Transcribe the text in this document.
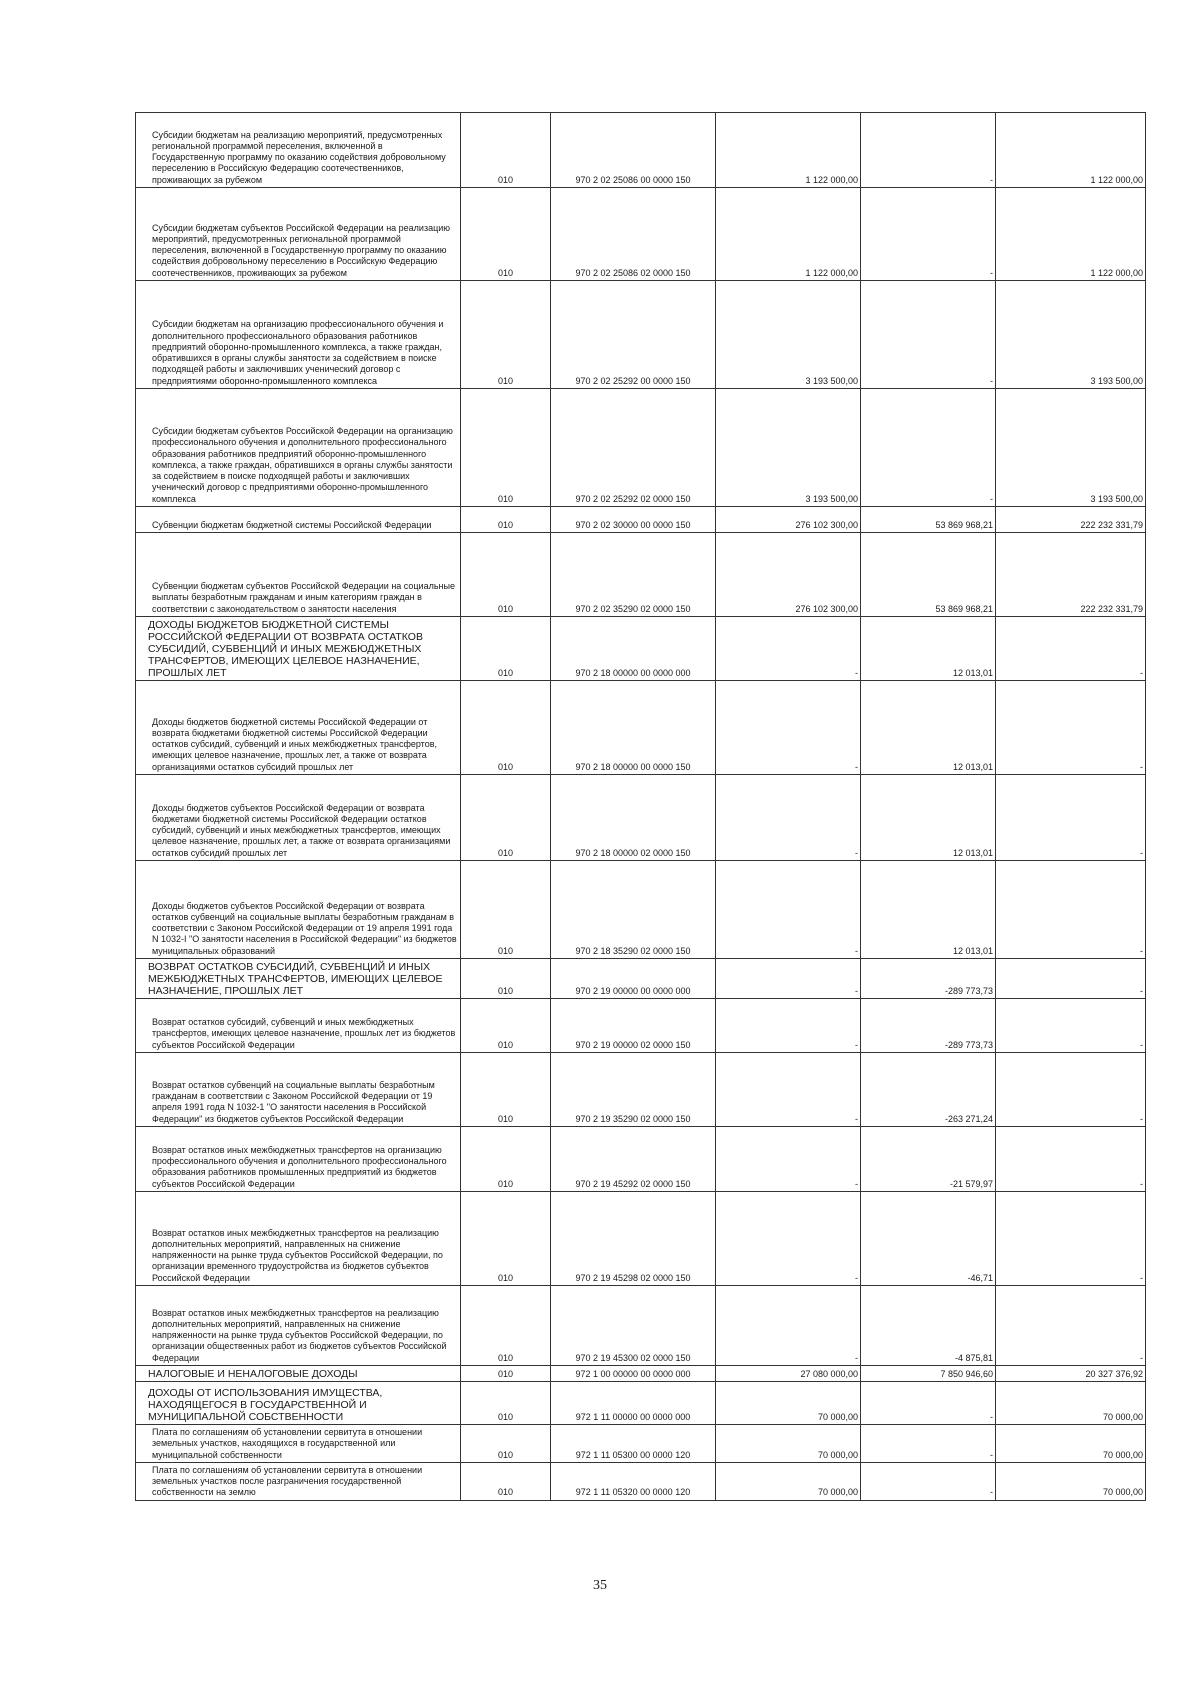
Субсидии бюджетам на реализацию мероприятий, предусмотренных региональной программой переселения, включенной в Государственную программу по оказанию содействия добровольному переселению в Российскую Федерацию соотечественников, проживающих за рубежом	010	970 2 02 25086 00 0000 150	1 122 000,00	-	1 122 000,00
Субсидии бюджетам субъектов Российской Федерации на реализацию мероприятий, предусмотренных региональной программой переселения, включенной в Государственную программу по оказанию содействия добровольному переселению в Российскую Федерацию соотечественников, проживающих за рубежом	010	970 2 02 25086 02 0000 150	1 122 000,00	-	1 122 000,00
Субсидии бюджетам на организацию профессионального обучения и дополнительного профессионального образования работников предприятий оборонно-промышленного комплекса, а также граждан, обратившихся в органы службы занятости за содействием в поиске подходящей работы и заключивших ученический договор с предприятиями оборонно-промышленного комплекса	010	970 2 02 25292 00 0000 150	3 193 500,00	-	3 193 500,00
Субсидии бюджетам субъектов Российской Федерации на организацию профессионального обучения и дополнительного профессионального образования работников предприятий оборонно-промышленного комплекса, а также граждан, обратившихся в органы службы занятости за содействием в поиске подходящей работы и заключивших ученический договор с предприятиями оборонно-промышленного комплекса	010	970 2 02 25292 02 0000 150	3 193 500,00	-	3 193 500,00
Субвенции бюджетам бюджетной системы Российской Федерации	010	970 2 02 30000 00 0000 150	276 102 300,00	53 869 968,21	222 232 331,79
Субвенции бюджетам субъектов Российской Федерации на социальные выплаты безработным гражданам и иным категориям граждан в соответствии с законодательством о занятости населения	010	970 2 02 35290 02 0000 150	276 102 300,00	53 869 968,21	222 232 331,79
ДОХОДЫ БЮДЖЕТОВ БЮДЖЕТНОЙ СИСТЕМЫ РОССИЙСКОЙ ФЕДЕРАЦИИ ОТ ВОЗВРАТА ОСТАТКОВ СУБСИДИЙ, СУБВЕНЦИЙ И ИНЫХ МЕЖБЮДЖЕТНЫХ ТРАНСФЕРТОВ, ИМЕЮЩИХ ЦЕЛЕВОЕ НАЗНАЧЕНИЕ, ПРОШЛЫХ ЛЕТ	010	970 2 18 00000 00 0000 000	-	12 013,01	-
Доходы бюджетов бюджетной системы Российской Федерации от возврата бюджетами бюджетной системы Российской Федерации остатков субсидий, субвенций и иных межбюджетных трансфертов, имеющих целевое назначение, прошлых лет, а также от возврата организациями остатков субсидий прошлых лет	010	970 2 18 00000 00 0000 150	-	12 013,01	-
Доходы бюджетов субъектов Российской Федерации от возврата бюджетами бюджетной системы Российской Федерации остатков субсидий, субвенций и иных межбюджетных трансфертов, имеющих целевое назначение, прошлых лет, а также от возврата организациями остатков субсидий прошлых лет	010	970 2 18 00000 02 0000 150	-	12 013,01	-
Доходы бюджетов субъектов Российской Федерации от возврата остатков субвенций на социальные выплаты безработным гражданам в соответствии с Законом Российской Федерации от 19 апреля 1991 года N 1032-I "О занятости населения в Российской Федерации" из бюджетов муниципальных образований	010	970 2 18 35290 02 0000 150	-	12 013,01	-
ВОЗВРАТ ОСТАТКОВ СУБСИДИЙ, СУБВЕНЦИЙ И ИНЫХ МЕЖБЮДЖЕТНЫХ ТРАНСФЕРТОВ, ИМЕЮЩИХ ЦЕЛЕВОЕ НАЗНАЧЕНИЕ, ПРОШЛЫХ ЛЕТ	010	970 2 19 00000 00 0000 000	-	-289 773,73	-
Возврат остатков субсидий, субвенций и иных межбюджетных трансфертов, имеющих целевое назначение, прошлых лет из бюджетов субъектов Российской Федерации	010	970 2 19 00000 02 0000 150	-	-289 773,73	-
Возврат остатков субвенций на социальные выплаты безработным гражданам в соответствии с Законом Российской Федерации от 19 апреля 1991 года N 1032-1 "О занятости населения в Российской Федерации" из бюджетов субъектов Российской Федерации	010	970 2 19 35290 02 0000 150	-	-263 271,24	-
Возврат остатков иных межбюджетных трансфертов на организацию профессионального обучения и дополнительного профессионального образования работников промышленных предприятий из бюджетов субъектов Российской Федерации	010	970 2 19 45292 02 0000 150	-	-21 579,97	-
Возврат остатков иных межбюджетных трансфертов на реализацию дополнительных мероприятий, направленных на снижение напряженности на рынке труда субъектов Российской Федерации, по организации временного трудоустройства из бюджетов субъектов Российской Федерации	010	970 2 19 45298 02 0000 150	-	-46,71	-
Возврат остатков иных межбюджетных трансфертов на реализацию дополнительных мероприятий, направленных на снижение напряженности на рынке труда субъектов Российской Федерации, по организации общественных работ из бюджетов субъектов Российской Федерации	010	970 2 19 45300 02 0000 150	-	-4 875,81	-
НАЛОГОВЫЕ И НЕНАЛОГОВЫЕ ДОХОДЫ	010	972 1 00 00000 00 0000 000	27 080 000,00	7 850 946,60	20 327 376,92
ДОХОДЫ ОТ ИСПОЛЬЗОВАНИЯ ИМУЩЕСТВА, НАХОДЯЩЕГОСЯ В ГОСУДАРСТВЕННОЙ И МУНИЦИПАЛЬНОЙ СОБСТВЕННОСТИ	010	972 1 11 00000 00 0000 000	70 000,00	-	70 000,00
Плата по соглашениям об установлении сервитута в отношении земельных участков, находящихся в государственной или муниципальной собственности	010	972 1 11 05300 00 0000 120	70 000,00	-	70 000,00
Плата по соглашениям об установлении сервитута в отношении земельных участков после разграничения государственной собственности на землю	010	972 1 11 05320 00 0000 120	70 000,00	-	70 000,00
35
